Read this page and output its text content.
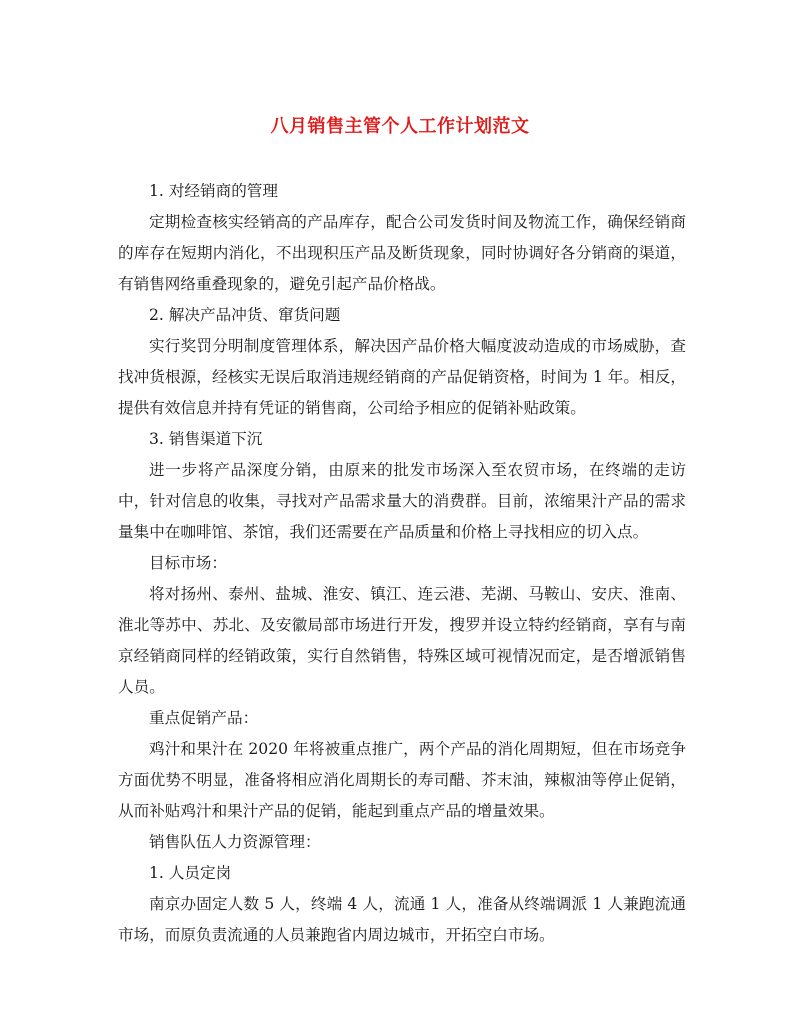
八月销售主管个人工作计划范文

1. 对经销商的管理

定期检查核实经销高的产品库存，配合公司发货时间及物流工作，确保经销商的库存在短期内消化，不出现积压产品及断货现象，同时协调好各分销商的渠道，有销售网络重叠现象的，避免引起产品价格战。

2. 解决产品冲货、窜货问题

实行奖罚分明制度管理体系，解决因产品价格大幅度波动造成的市场威胁，查找冲货根源，经核实无误后取消违规经销商的产品促销资格，时间为 1 年。相反，提供有效信息并持有凭证的销售商，公司给予相应的促销补贴政策。

3. 销售渠道下沉

进一步将产品深度分销，由原来的批发市场深入至农贸市场，在终端的走访中，针对信息的收集，寻找对产品需求量大的消费群。目前，浓缩果汁产品的需求量集中在咖啡馆、茶馆，我们还需要在产品质量和价格上寻找相应的切入点。

目标市场：

将对扬州、泰州、盐城、淮安、镇江、连云港、芜湖、马鞍山、安庆、淮南、淮北等苏中、苏北、及安徽局部市场进行开发，搜罗并设立特约经销商，享有与南京经销商同样的经销政策，实行自然销售，特殊区域可视情况而定，是否增派销售人员。

重点促销产品：

鸡汁和果汁在 2020 年将被重点推广，两个产品的消化周期短，但在市场竞争方面优势不明显，准备将相应消化周期长的寿司醋、芥末油，辣椒油等停止促销，从而补贴鸡汁和果汁产品的促销，能起到重点产品的增量效果。

销售队伍人力资源管理：

1. 人员定岗

南京办固定人数 5 人，终端 4 人，流通 1 人，准备从终端调派 1 人兼跑流通市场，而原负责流通的人员兼跑省内周边城市，开拓空白市场。
